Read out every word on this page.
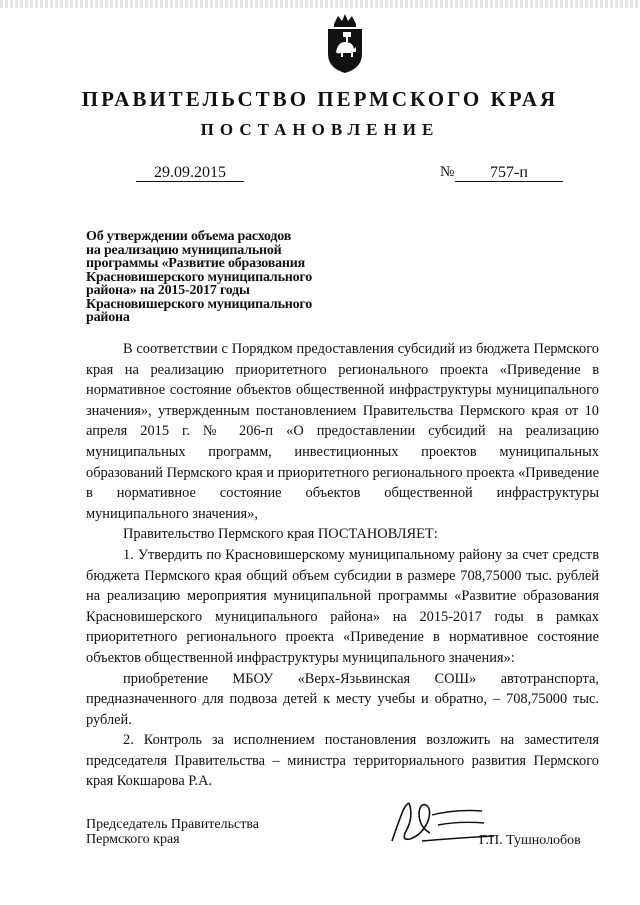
ПРАВИТЕЛЬСТВО ПЕРМСКОГО КРАЯ
ПОСТАНОВЛЕНИЕ
29.09.2015	№	757-п
Об утверждении объема расходов
на реализацию муниципальной
программы «Развитие образования
Красновишерского муниципального
района» на 2015-2017 годы
Красновишерского муниципального
района

В соответствии с Порядком предоставления субсидий из бюджета Пермского края на реализацию приоритетного регионального проекта «Приведение в нормативное состояние объектов общественной инфраструктуры муниципального значения», утвержденным постановлением Правительства Пермского края от 10 апреля 2015 г. № 206-п «О предоставлении субсидий на реализацию муниципальных программ, инвестиционных проектов муниципальных образований Пермского края и приоритетного регионального проекта «Приведение в нормативное состояние объектов общественной инфраструктуры муниципального значения»,

Правительство Пермского края ПОСТАНОВЛЯЕТ:

1. Утвердить по Красновишерскому муниципальному району за счет средств бюджета Пермского края общий объем субсидии в размере 708,75000 тыс. рублей на реализацию мероприятия муниципальной программы «Развитие образования Красновишерского муниципального района» на 2015-2017 годы в рамках приоритетного регионального проекта «Приведение в нормативное состояние объектов общественной инфраструктуры муниципального значения»:

приобретение МБОУ «Верх-Язьвинская СОШ» автотранспорта, предназначенного для подвоза детей к месту учебы и обратно, – 708,75000 тыс. рублей.

2. Контроль за исполнением постановления возложить на заместителя председателя Правительства – министра территориального развития Пермского края Кокшарова Р.А.

Председатель Правительства
Пермского края	Г.П. Тушнолобов
